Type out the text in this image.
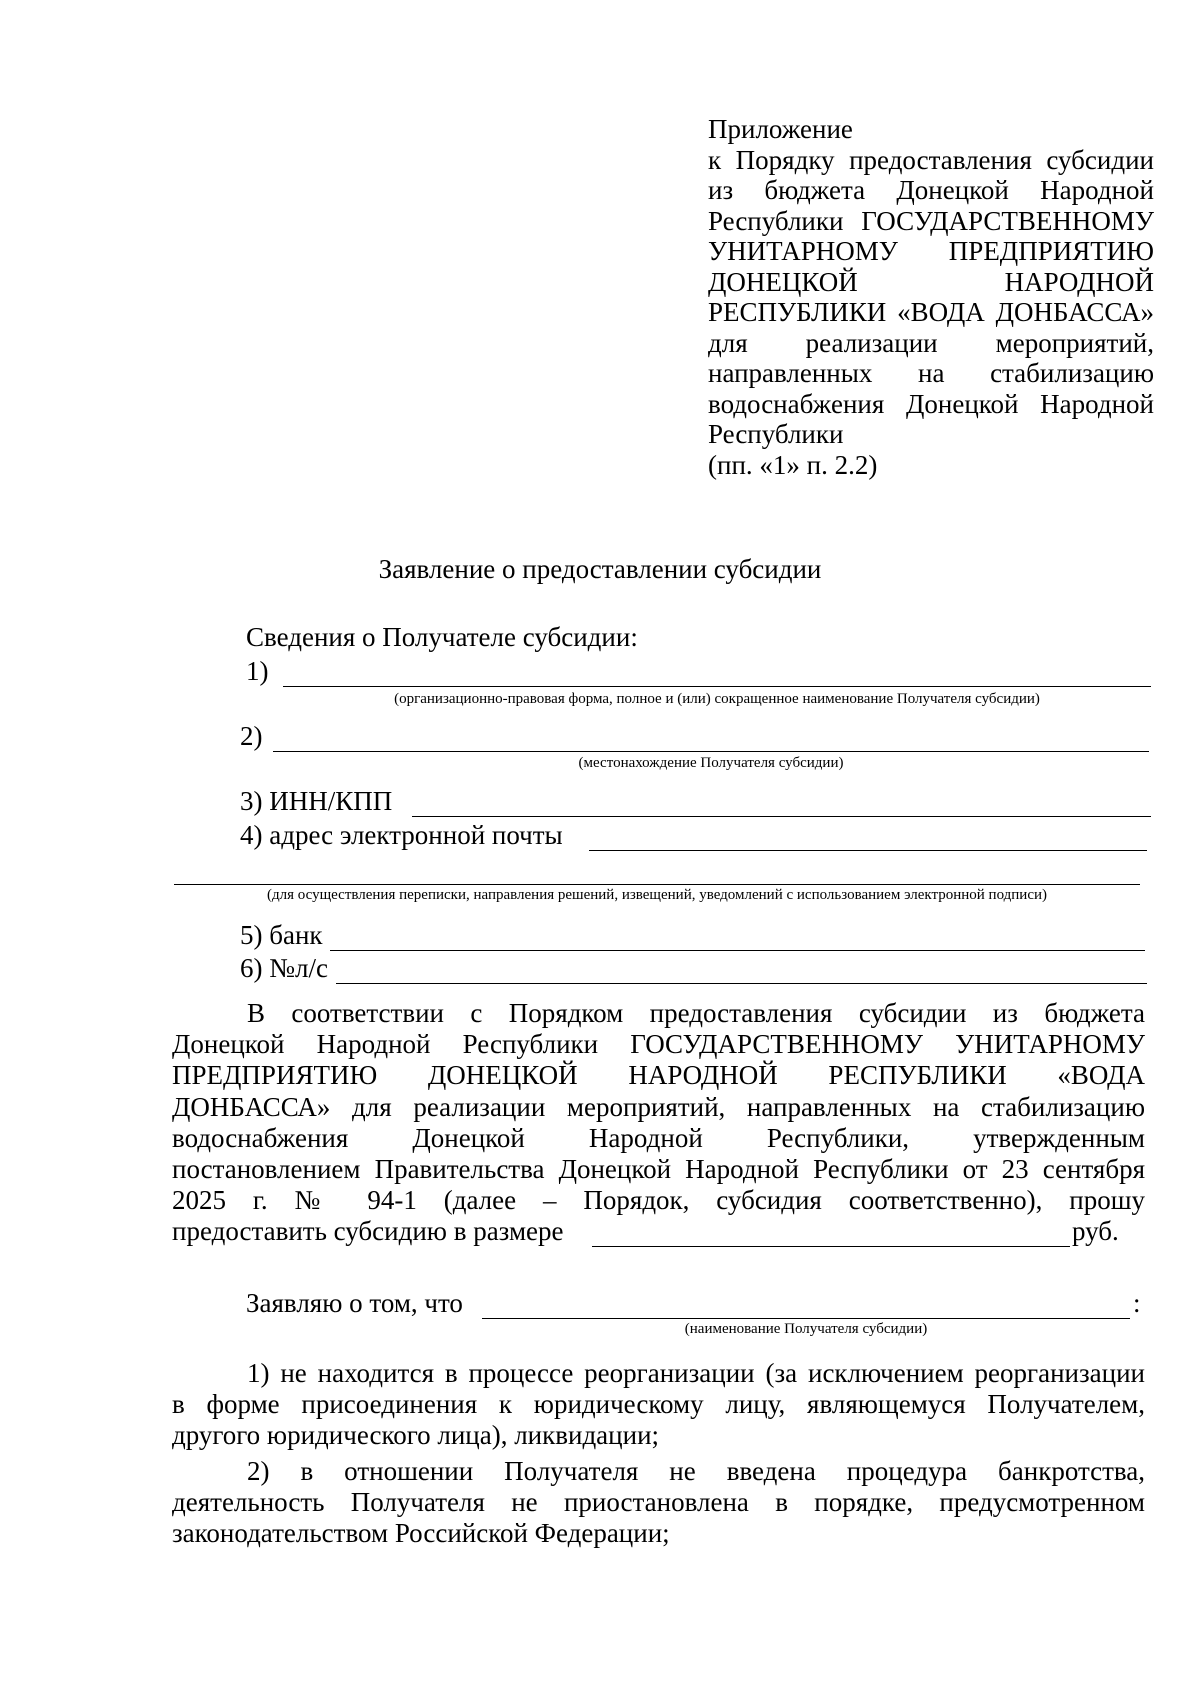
Приложение
к Порядку предоставления субсидии
из бюджета Донецкой Народной
Республики ГОСУДАРСТВЕННОМУ
УНИТАРНОМУ ПРЕДПРИЯТИЮ
ДОНЕЦКОЙ НАРОДНОЙ
РЕСПУБЛИКИ «ВОДА ДОНБАССА»
для реализации мероприятий,
направленных на стабилизацию
водоснабжения Донецкой Народной
Республики
(пп. «1» п. 2.2)
Заявление о предоставлении субсидии
Сведения о Получателе субсидии:
1)
(организационно-правовая форма, полное и (или) сокращенное наименование Получателя субсидии)
2)
(местонахождение Получателя субсидии)
3) ИНН/КПП
4) адрес электронной почты
(для осуществления переписки, направления решений, извещений, уведомлений с использованием электронной подписи)
5) банк
6) №л/с
В соответствии с Порядком предоставления субсидии из бюджета
Донецкой Народной Республики ГОСУДАРСТВЕННОМУ УНИТАРНОМУ
ПРЕДПРИЯТИЮ ДОНЕЦКОЙ НАРОДНОЙ РЕСПУБЛИКИ «ВОДА
ДОНБАССА» для реализации мероприятий, направленных на стабилизацию
водоснабжения Донецкой Народной Республики, утвержденным
постановлением Правительства Донецкой Народной Республики от 23 сентября
2025 г. № 94-1 (далее – Порядок, субсидия соответственно), прошу
предоставить субсидию в размере	руб.
Заявляю о том, что	:
(наименование Получателя субсидии)
1) не находится в процессе реорганизации (за исключением реорганизации
в форме присоединения к юридическому лицу, являющемуся Получателем,
другого юридического лица), ликвидации;
2) в отношении Получателя не введена процедура банкротства,
деятельность Получателя не приостановлена в порядке, предусмотренном
законодательством Российской Федерации;
